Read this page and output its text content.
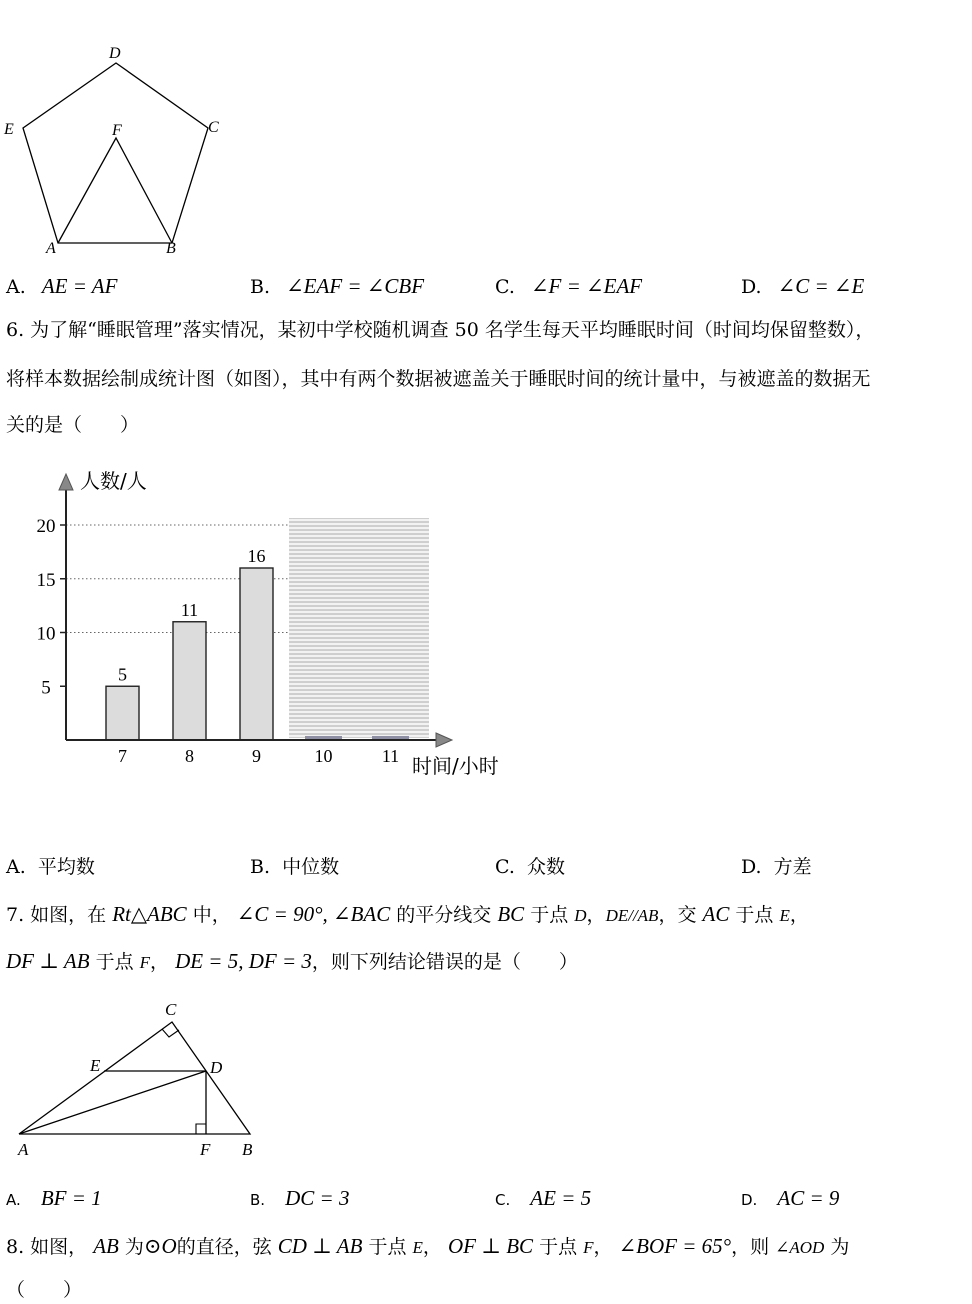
D
E	C
F
A	B
A. AE = AF	B. ∠EAF = ∠CBF	C. ∠F = ∠EAF	D. ∠C = ∠E
6. 为了解“睡眠管理”落实情况，某初中学校随机调查 50 名学生每天平均睡眠时间（时间均保留整数），
将样本数据绘制成统计图（如图），其中有两个数据被遮盖关于睡眠时间的统计量中，与被遮盖的数据无
关的是（　　）
5
10
15
20
7	8	9	10	11
5
11
16
人数/人
时间/小时
A. 平均数	B. 中位数	C. 众数	D. 方差
7. 如图，在 Rt△ABC 中， ∠C = 90°, ∠BAC 的平分线交 BC 于点 D，DE//AB，交 AC 于点 E，
DF ⊥ AB 于点 F， DE = 5, DF = 3，则下列结论错误的是（　　）
C
E	D
A	F B
A. BF = 1	B. DC = 3	C. AE = 5	D. AC = 9
8. 如图， AB 为⊙O的直径，弦 CD ⊥ AB 于点 E， OF ⊥ BC 于点 F， ∠BOF = 65°，则 ∠AOD 为
（　　）
